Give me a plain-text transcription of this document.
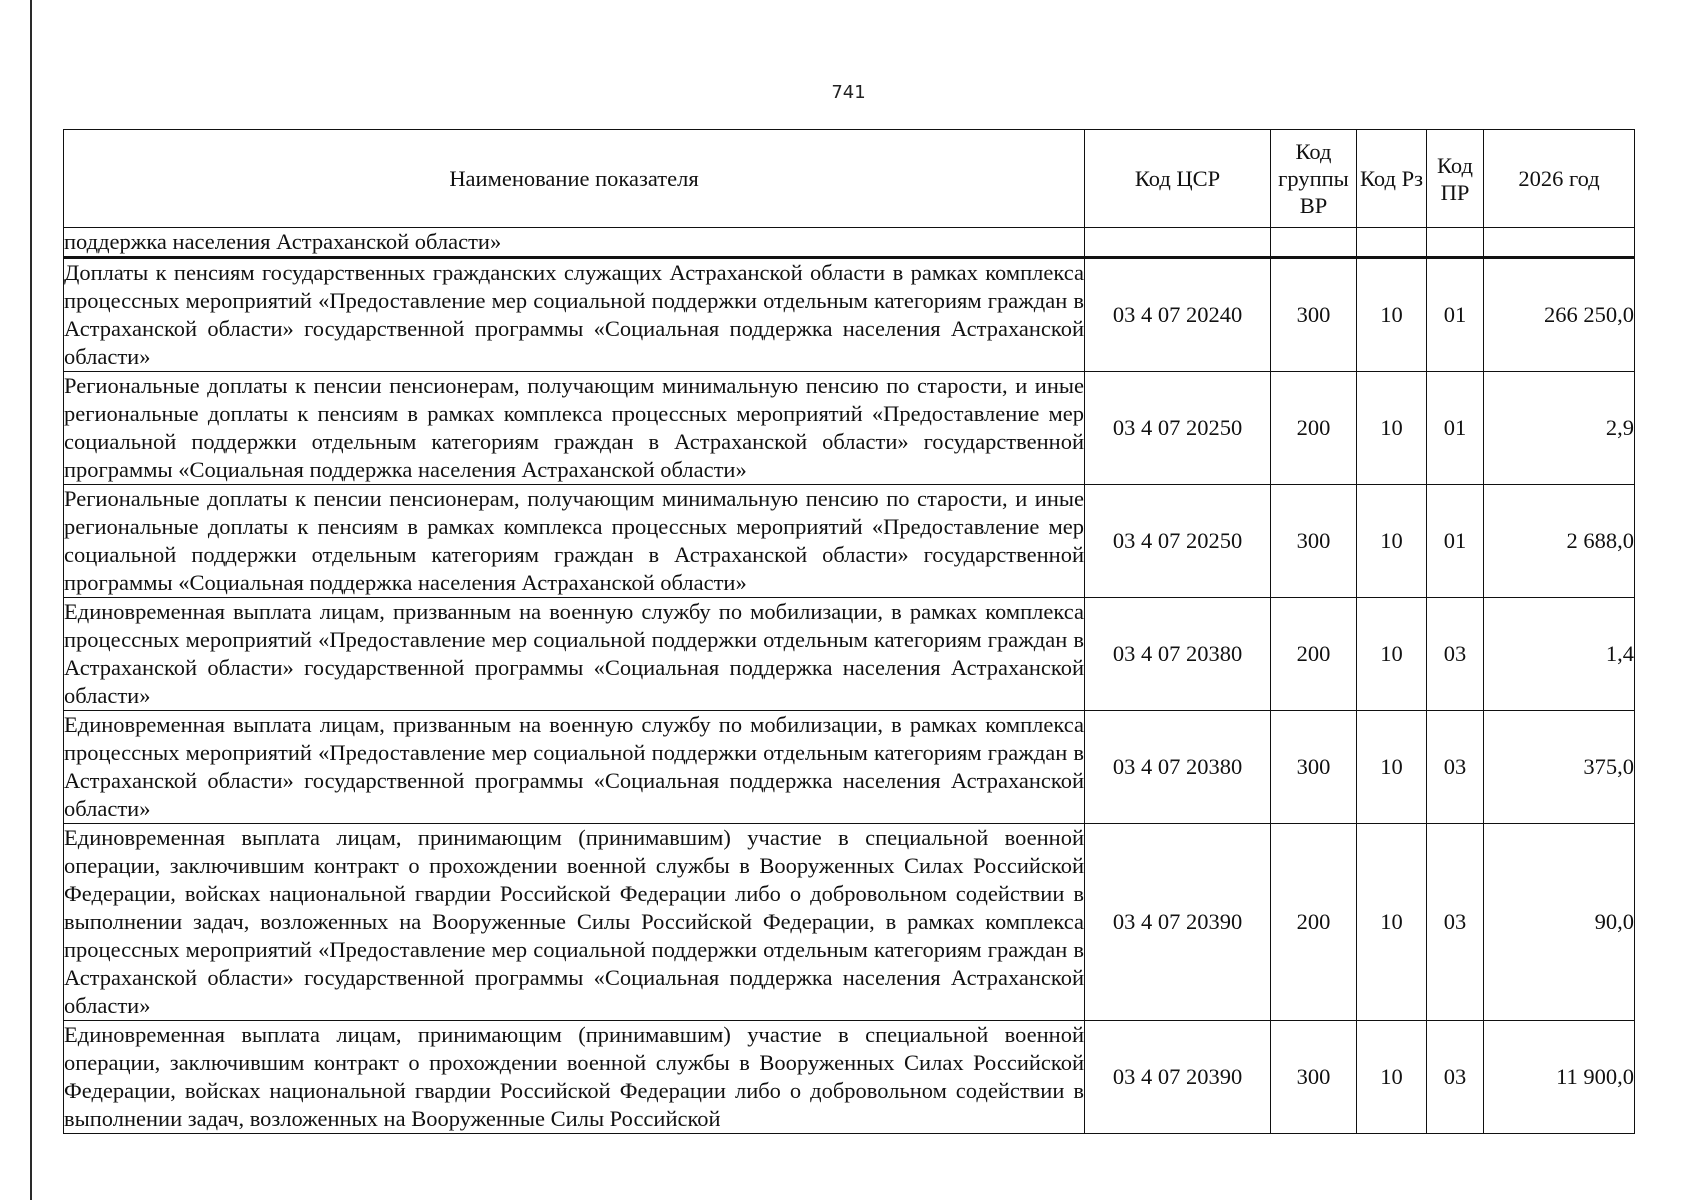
741
Наименование показателя	Код ЦСР	Код группы ВР	Код Рз	Код ПР	2026 год
поддержка населения Астраханской области»					
Доплаты к пенсиям государственных гражданских служащих Астраханской области в рамках комплекса процессных мероприятий «Предоставление мер социальной поддержки отдельным категориям граждан в Астраханской области» государственной программы «Социальная поддержка населения Астраханской области»	03 4 07 20240	300	10	01	266 250,0
Региональные доплаты к пенсии пенсионерам, получающим минимальную пенсию по старости, и иные региональные доплаты к пенсиям в рамках комплекса процессных мероприятий «Предоставление мер социальной поддержки отдельным категориям граждан в Астраханской области» государственной программы «Социальная поддержка населения Астраханской области»	03 4 07 20250	200	10	01	2,9
Региональные доплаты к пенсии пенсионерам, получающим минимальную пенсию по старости, и иные региональные доплаты к пенсиям в рамках комплекса процессных мероприятий «Предоставление мер социальной поддержки отдельным категориям граждан в Астраханской области» государственной программы «Социальная поддержка населения Астраханской области»	03 4 07 20250	300	10	01	2 688,0
Единовременная выплата лицам, призванным на военную службу по мобилизации, в рамках комплекса процессных мероприятий «Предоставление мер социальной поддержки отдельным категориям граждан в Астраханской области» государственной программы «Социальная поддержка населения Астраханской области»	03 4 07 20380	200	10	03	1,4
Единовременная выплата лицам, призванным на военную службу по мобилизации, в рамках комплекса процессных мероприятий «Предоставление мер социальной поддержки отдельным категориям граждан в Астраханской области» государственной программы «Социальная поддержка населения Астраханской области»	03 4 07 20380	300	10	03	375,0
Единовременная выплата лицам, принимающим (принимавшим) участие в специальной военной операции, заключившим контракт о прохождении военной службы в Вооруженных Силах Российской Федерации, войсках национальной гвардии Российской Федерации либо о добровольном содействии в выполнении задач, возложенных на Вооруженные Силы Российской Федерации, в рамках комплекса процессных мероприятий «Предоставление мер социальной поддержки отдельным категориям граждан в Астраханской области» государственной программы «Социальная поддержка населения Астраханской области»	03 4 07 20390	200	10	03	90,0
Единовременная выплата лицам, принимающим (принимавшим) участие в специальной военной операции, заключившим контракт о прохождении военной службы в Вооруженных Силах Российской Федерации, войсках национальной гвардии Российской Федерации либо о добровольном содействии в выполнении задач, возложенных на Вооруженные Силы Российской	03 4 07 20390	300	10	03	11 900,0
